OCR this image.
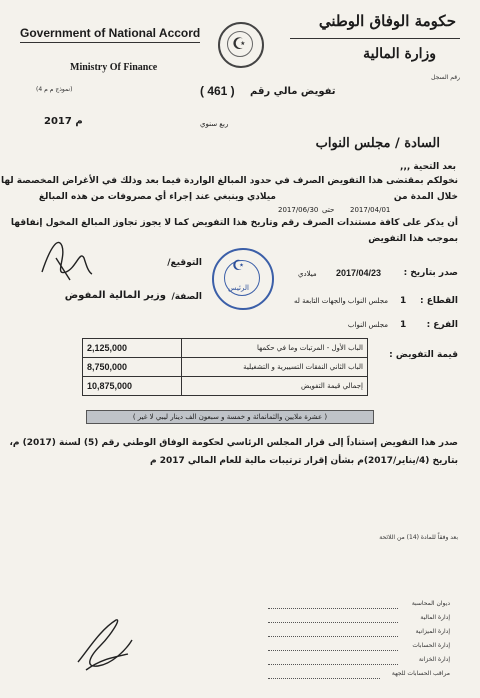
Government of National Accord
Ministry Of Finance
☪
حكومة الوفاق الوطني
وزارة المالية
رقم السجل
(نموذج م م 4)	تفويض مالي رقم
( 461 )
2017 م	ربع سنوي
السادة / مجلس النواب
بعد التحية ,,,
نخولكم بمقتضى هذا التفويض الصرف في حدود المبالغ الواردة فيما بعد وذلك في الأغراض المخصصة لها
خلال المدة من
2017/04/01
حتى
2017/06/30
ميلادي وينبغي عند إجراء أي مصروفات من هذه المبالغ
أن يذكر على كافة مستندات الصرف رقم وتاريخ هذا التفويض كما لا يجوز تجاوز المبالغ المخول إنفاقها
بموجب هذا التفويض
☪
الرئيس
صدر بتاريخ :
2017/04/23
ميلادي
التوقيع/
الصفة/
وزير المالية المفوض	القطاع :
1
مجلس النواب والجهات التابعة له
الفرع :
1
مجلس النواب
قيمة التفويض :
2,125,000	الباب الأول - المرتبات وما في حكمها
8,750,000	الباب الثاني النفقات التسييرية و التشغيلية
10,875,000	إجمالي قيمة التفويض
( عشرة ملايين والثمانمائة و خمسة و سبعون الف دينار ليبي لا غير )
صدر هذا التفويض إستناداً إلى قرار المجلس الرئاسي لحكومة الوفاق الوطني رقم (5) لسنة (2017) م،
بتاريخ (4/يناير/2017)م بشأن إقرار ترتيبات مالية للعام المالي 2017 م
بعد وفقاً للمادة (14) من اللائحة
ديوان المحاسبة
إدارة المالية
إدارة الميزانية
إدارة الحسابات
إدارة الخزانة
مراقب الحسابات للجهة
